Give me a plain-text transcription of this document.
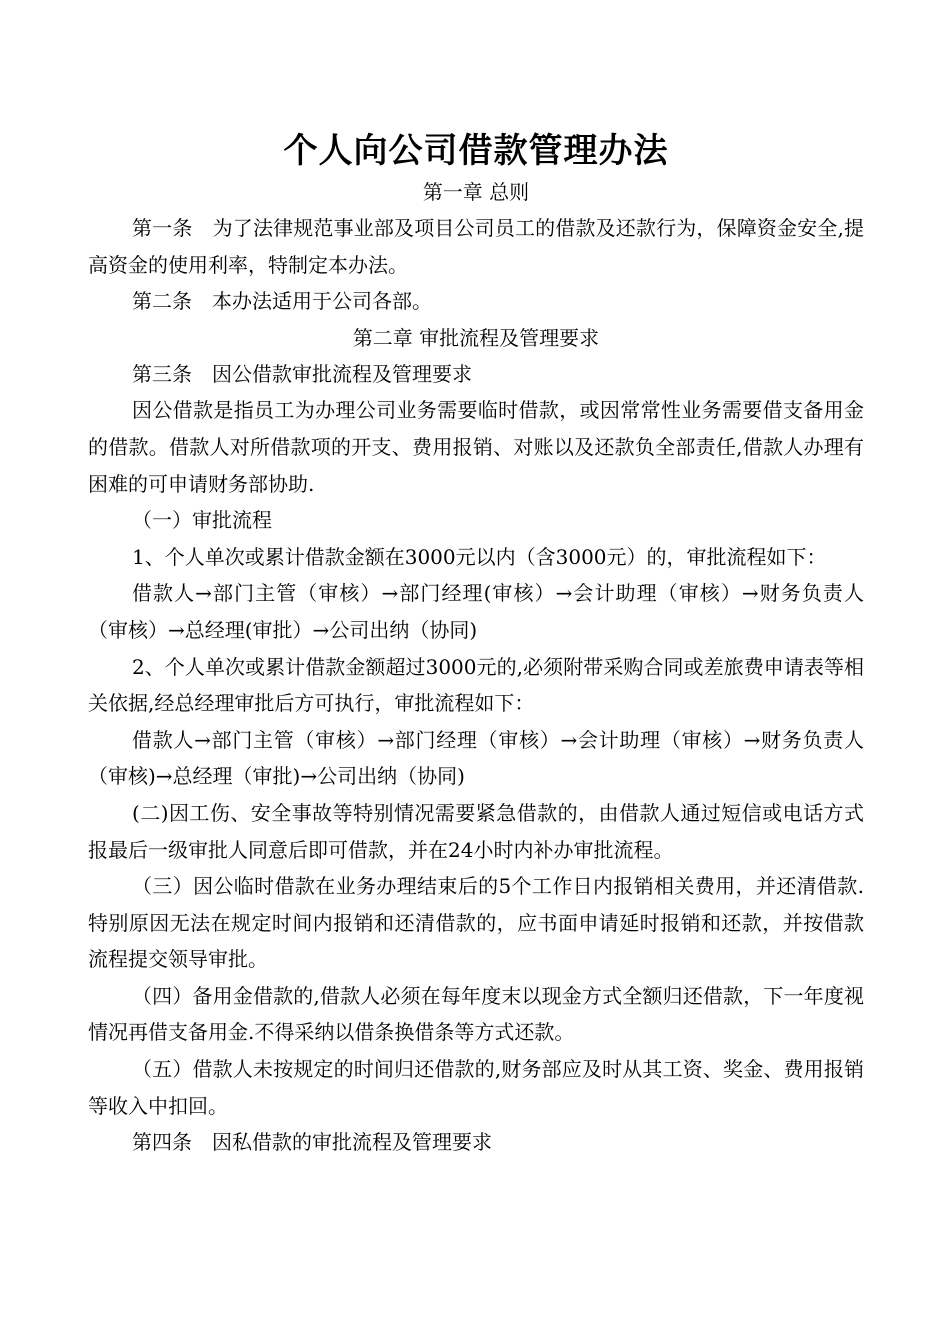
个人向公司借款管理办法

第一章 总则

第一条　为了法律规范事业部及项目公司员工的借款及还款行为，保障资金安全,提高资金的使用利率，特制定本办法。

第二条　本办法适用于公司各部。

第二章 审批流程及管理要求

第三条　因公借款审批流程及管理要求

因公借款是指员工为办理公司业务需要临时借款，或因常常性业务需要借支备用金的借款。借款人对所借款项的开支、费用报销、对账以及还款负全部责任,借款人办理有困难的可申请财务部协助.

（一）审批流程

1、个人单次或累计借款金额在3000元以内（含3000元）的，审批流程如下：

借款人→部门主管（审核）→部门经理(审核）→会计助理（审核）→财务负责人（审核）→总经理(审批）→公司出纳（协同)

2、个人单次或累计借款金额超过3000元的,必须附带采购合同或差旅费申请表等相关依据,经总经理审批后方可执行，审批流程如下：

借款人→部门主管（审核）→部门经理（审核）→会计助理（审核）→财务负责人（审核)→总经理（审批)→公司出纳（协同)

(二)因工伤、安全事故等特别情况需要紧急借款的，由借款人通过短信或电话方式报最后一级审批人同意后即可借款，并在24小时内补办审批流程。

（三）因公临时借款在业务办理结束后的5个工作日内报销相关费用，并还清借款.特别原因无法在规定时间内报销和还清借款的，应书面申请延时报销和还款，并按借款流程提交领导审批。

（四）备用金借款的,借款人必须在每年度末以现金方式全额归还借款，下一年度视情况再借支备用金.不得采纳以借条换借条等方式还款。

（五）借款人未按规定的时间归还借款的,财务部应及时从其工资、奖金、费用报销等收入中扣回。

第四条　因私借款的审批流程及管理要求
